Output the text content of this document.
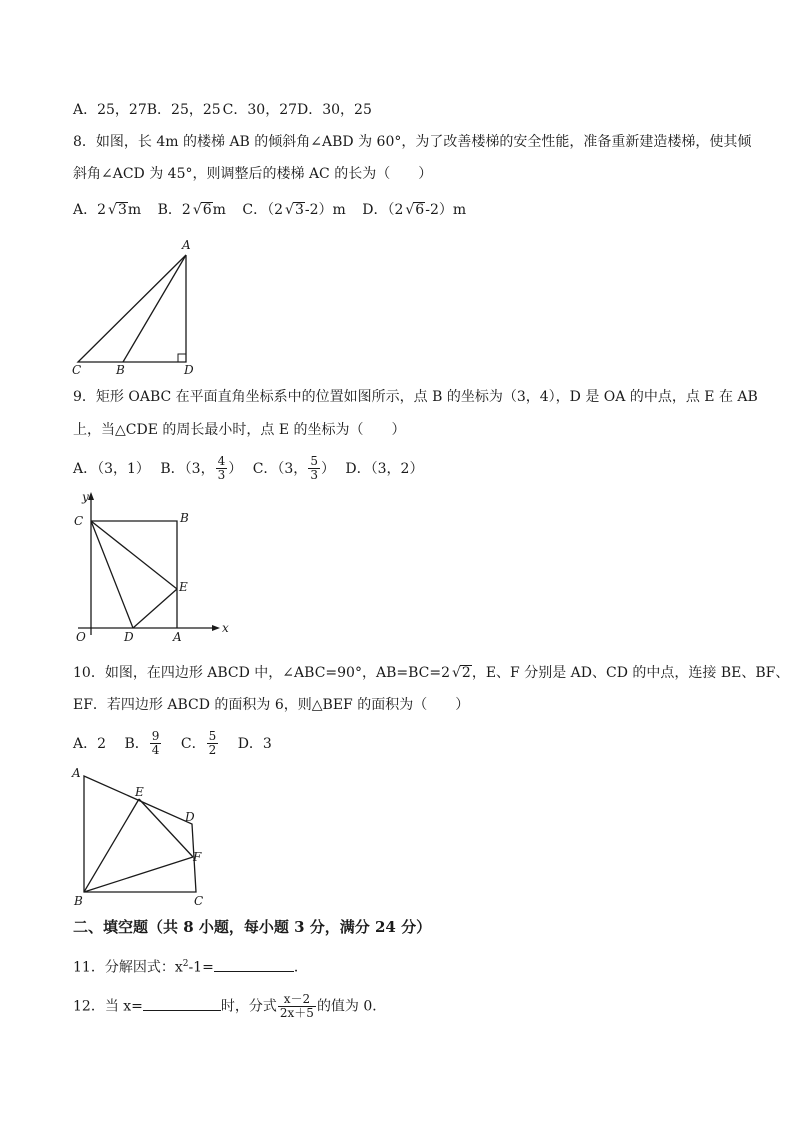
A．25，27B．25，25 C．30，27D．30，25
8．如图，长 4m 的楼梯 AB 的倾斜角∠ABD 为 60°，为了改善楼梯的安全性能，准备重新建造楼梯，使其倾
斜角∠ACD 为 45°，则调整后的楼梯 AC 的长为（　　）
A．2 √ 3m B．2 √ 6m C．（2 √ 3-2）m D．（2 √ 6-2）m
A
B
C	D
9．矩形 OABC 在平面直角坐标系中的位置如图所示，点 B 的坐标为（3，4），D 是 OA 的中点，点 E 在 AB
上，当△CDE 的周长最小时，点 E 的坐标为（　　）
A．（3，1） B．（3， $\frac{4}{3}$ ） C．（3， $\frac{5}{3}$ ） D．（3，2）
y
C	B
E
O	D	A
x
10．如图，在四边形 ABCD 中，∠ABC=90°，AB=BC=2 √ 2，E、F 分别是 AD、CD 的中点，连接 BE、BF、
EF．若四边形 ABCD 的面积为 6，则△BEF 的面积为（　　）
A．2 B． $\frac{9}{4}$ C． $\frac{5}{2}$ D．3
A
E
D
F
B	C
二、填空题（共 8 小题，每小题 3 分，满分 24 分）
11．分解因式：$x^2-1=$	．
12．当 x=	时，分式 $\frac{x-2}{2x+5}$ 的值为 0．
